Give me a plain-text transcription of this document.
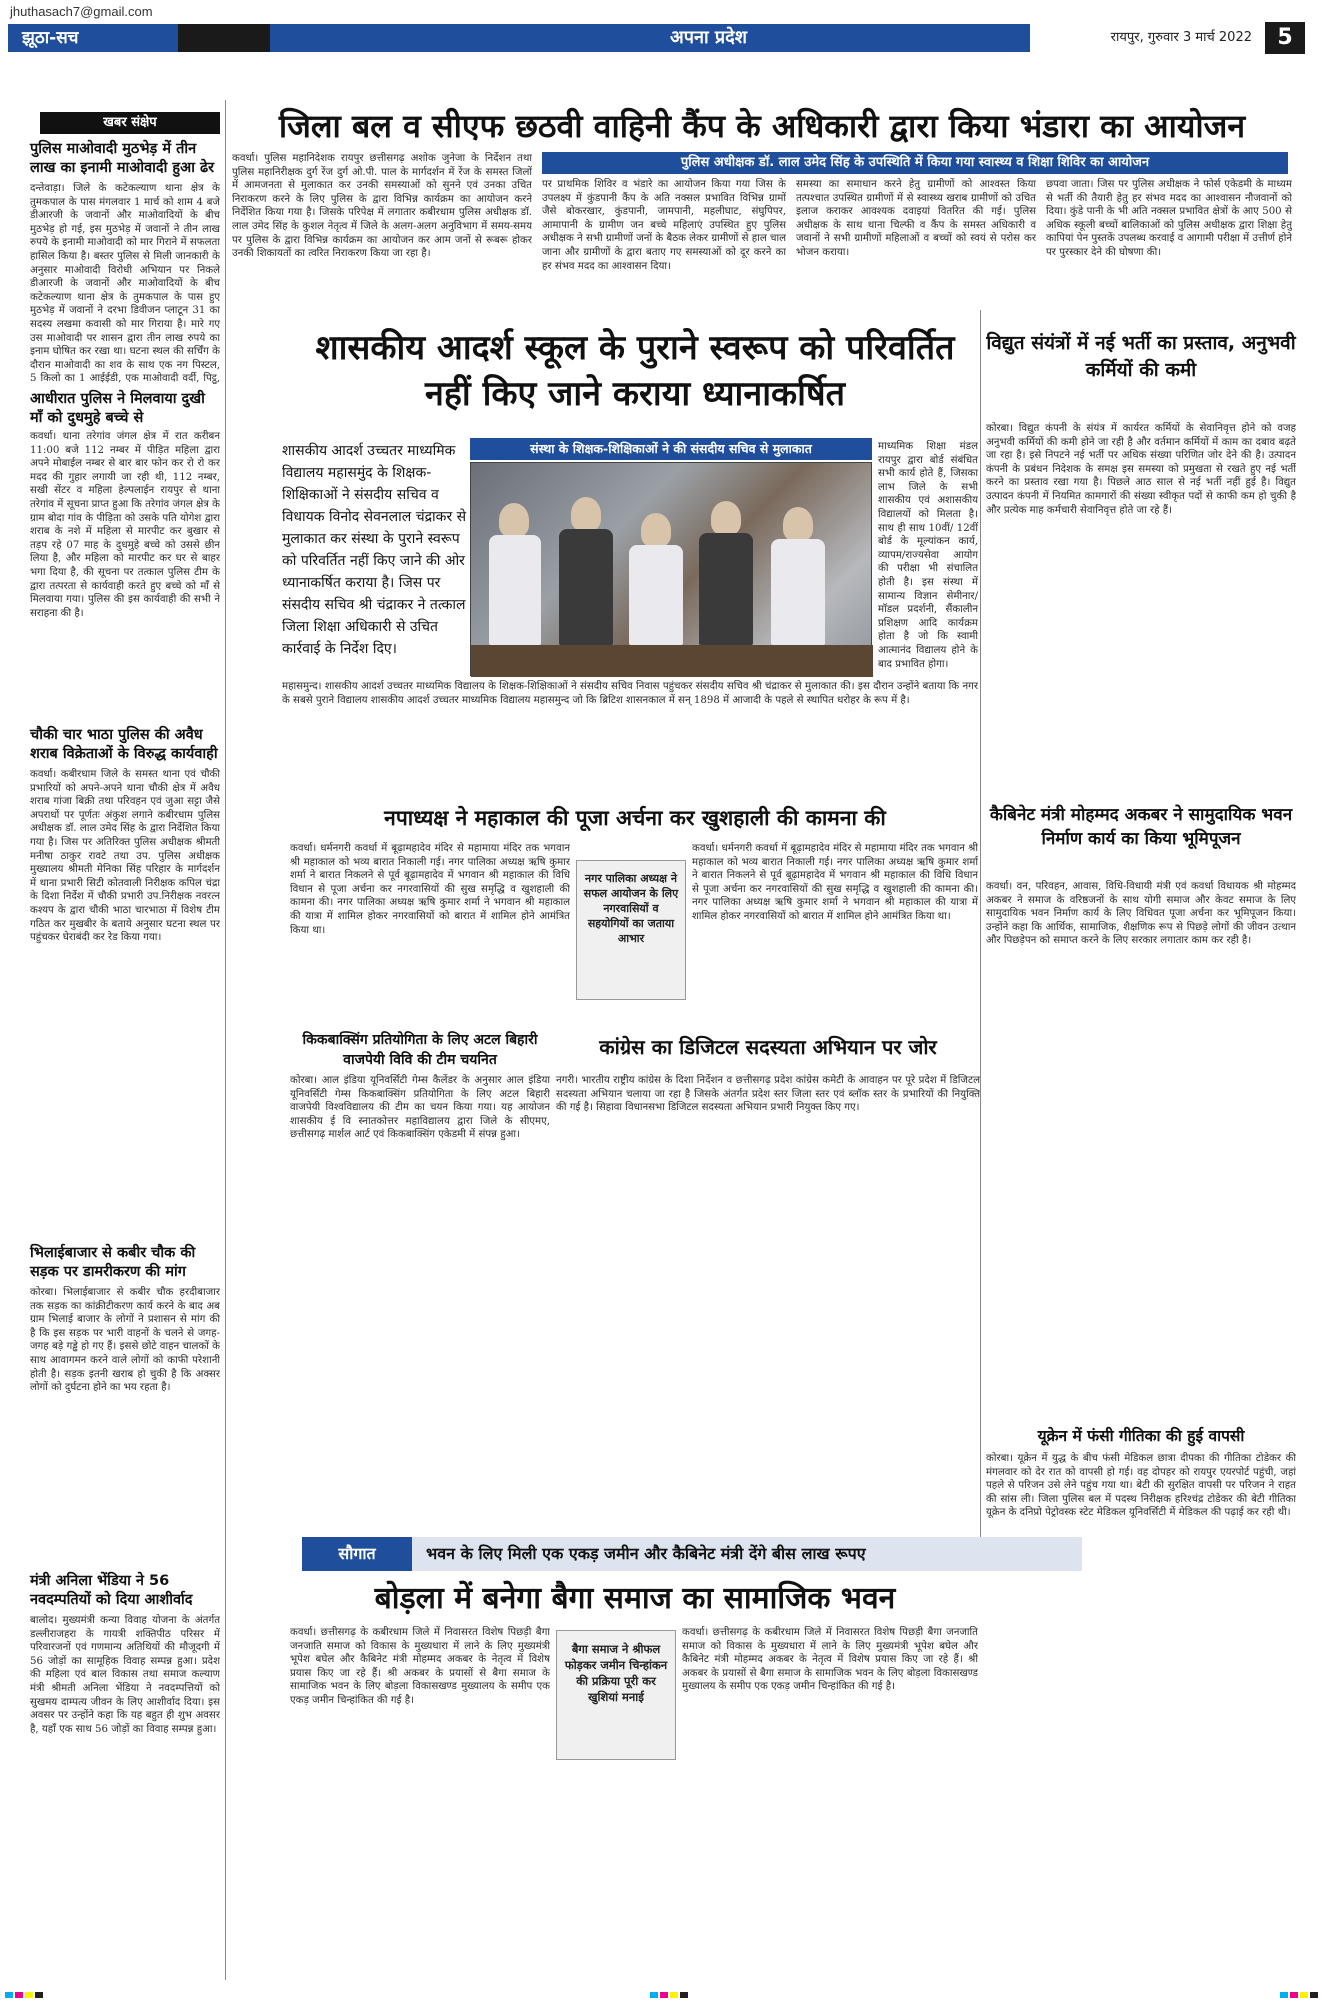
jhuthasach7@gmail.com
झूठा-सच	अपना प्रदेश	रायपुर, गुरुवार 3 मार्च 2022	5
खबर संक्षेप
पुलिस माओवादी मुठभेड़ में तीन लाख का इनामी माओवादी हुआ ढेर
दन्तेवाड़ा। जिले के कटेकल्याण थाना क्षेत्र के तुमकपाल के पास मंगलवार 1 मार्च को शाम 4 बजे डीआरजी के जवानों और माओवादियों के बीच मुठभेड़ हो गई, इस मुठभेड़ में जवानों ने तीन लाख रुपये के इनामी माओवादी को मार गिराने में सफलता हासिल किया है। बस्तर पुलिस से मिली जानकारी के अनुसार माओवादी विरोधी अभियान पर निकले डीआरजी के जवानों और माओवादियों के बीच कटेकल्याण थाना क्षेत्र के तुमकपाल के पास हुए मुठभेड़ में जवानों ने दरभा डिवीजन प्लाटून 31 का सदस्य लखमा कवासी को मार गिराया है। मारे गए उस माओवादी पर शासन द्वारा तीन लाख रुपये का इनाम घोषित कर रखा था। घटना स्थल की सर्चिंग के दौरान माओवादी का शव के साथ एक नग पिस्टल, 5 किलो का 1 आईईडी, एक माओवादी वर्दी, पिट्ठू,
आधीरात पुलिस ने मिलवाया दुखी माँ को दुधमुहे बच्चे से
कवर्धा। थाना तरेगांव जंगल क्षेत्र में रात करीबन 11:00 बजे 112 नम्बर में पीड़ित महिला द्वारा अपने मोबाईल नम्बर से बार बार फोन कर रो रो कर मदद की गुहार लगायी जा रही थी, 112 नम्बर, सखी सेंटर व महिला हेल्पलाईन रायपुर से थाना तरेगांव में सूचना प्राप्त हुआ कि तरेगांव जंगल क्षेत्र के ग्राम बोदा गांव के पीड़िता को उसके पति योगेश द्वारा शराब के नशे में महिला से मारपीट कर बुखार से तड़प रहे 07 माह के दुधमुहे बच्चे को उससे छीन लिया है, और महिला को मारपीट कर घर से बाहर भगा दिया है, की सूचना पर तत्काल पुलिस टीम के द्वारा तत्परता से कार्यवाही करते हुए बच्चे को माँ से मिलवाया गया। पुलिस की इस कार्यवाही की सभी ने सराहना की है।
चौकी चार भाठा पुलिस की अवैध शराब विक्रेताओं के विरुद्ध कार्यवाही
कवर्धा। कबीरधाम जिले के समस्त थाना एवं चौकी प्रभारियों को अपने-अपने थाना चौकी क्षेत्र में अवैध शराब गांजा बिक्री तथा परिवहन एवं जुआ सट्टा जैसे अपराधों पर पूर्णतः अंकुश लगाने कबीरधाम पुलिस अधीक्षक डॉ. लाल उमेद सिंह के द्वारा निर्देशित किया गया है। जिस पर अतिरिक्त पुलिस अधीक्षक श्रीमती मनीषा ठाकुर रावटे तथा उप. पुलिस अधीक्षक मुख्यालय श्रीमती मेनिका सिंह परिहार के मार्गदर्शन में थाना प्रभारी सिटी कोतवाली निरीक्षक कपिल चंद्रा के दिशा निर्देश में चौकी प्रभारी उप.निरीक्षक नवरत्न कश्यप के द्वारा चौकी भाठा चारभाठा में विशेष टीम गठित कर मुखबीर के बताये अनुसार घटना स्थल पर पहुंचकर घेराबंदी कर रेड किया गया।
भिलाईबाजार से कबीर चौक की सड़क पर डामरीकरण की मांग
कोरबा। भिलाईबाजार से कबीर चौक हरदीबाजार तक सड़क का कांक्रीटीकरण कार्य करने के बाद अब ग्राम भिलाई बाजार के लोगों ने प्रशासन से मांग की है कि इस सड़क पर भारी वाहनों के चलने से जगह-जगह बड़े गड्ढे हो गए हैं। इससे छोटे वाहन चालकों के साथ आवागमन करने वाले लोगों को काफी परेशानी होती है। सड़क इतनी खराब हो चुकी है कि अक्सर लोगों को दुर्घटना होने का भय रहता है।
मंत्री अनिला भेंडिया ने 56 नवदम्पतियों को दिया आशीर्वाद
बालोद। मुख्यमंत्री कन्या विवाह योजना के अंतर्गत डल्लीराजहरा के गायत्री शक्तिपीठ परिसर में परिवारजनों एवं गणमान्य अतिथियों की मौजूदगी में 56 जोड़ों का सामूहिक विवाह सम्पन्न हुआ। प्रदेश की महिला एवं बाल विकास तथा समाज कल्याण मंत्री श्रीमती अनिला भेंडिया ने नवदम्पत्तियों को सुखमय दाम्पत्य जीवन के लिए आशीर्वाद दिया। इस अवसर पर उन्होंने कहा कि यह बहुत ही शुभ अवसर है, यहाँ एक साथ 56 जोड़ों का विवाह सम्पन्न हुआ।
जिला बल व सीएफ छठवी वाहिनी कैंप के अधिकारी द्वारा किया भंडारा का आयोजन
पुलिस अधीक्षक डॉ. लाल उमेद सिंह के उपस्थिति में किया गया स्वास्थ्य व शिक्षा शिविर का आयोजन
कवर्धा। पुलिस महानिदेशक रायपुर छत्तीसगढ़ अशोक जुनेजा के निर्देशन तथा पुलिस महानिरीक्षक दुर्ग रेंज दुर्ग ओ.पी. पाल के मार्गदर्शन में रेंज के समस्त जिलों में आमजनता से मुलाकात कर उनकी समस्याओं को सुनने एवं उनका उचित निराकरण करने के लिए पुलिस के द्वारा विभिन्न कार्यक्रम का आयोजन करने निर्देशित किया गया है। जिसके परिपेक्ष में लगातार कबीरधाम पुलिस अधीक्षक डॉ. लाल उमेद सिंह के कुशल नेतृत्व में जिले के अलग-अलग अनुविभाग में समय-समय पर पुलिस के द्वारा विभिन्न कार्यक्रम का आयोजन कर आम जनों से रूबरू होकर उनकी शिकायतों का त्वरित निराकरण किया जा रहा है।
पर प्राथमिक शिविर व भंडारे का आयोजन किया गया जिस के उपलक्ष्य में कुंडपानी कैंप के अति नक्सल प्रभावित विभिन्न ग्रामों जैसे बोकरखार, कुंडपानी, जामपानी, महलीघाट, संघुपिपर, आमापानी के ग्रामीण जन बच्चे महिलाएं उपस्थित हुए पुलिस अधीक्षक ने सभी ग्रामीणों जनों के बैठक लेकर ग्रामीणों से हाल चाल जाना और ग्रामीणों के द्वारा बताए गए समस्याओं को दूर करने का हर संभव मदद का आश्वासन दिया।
समस्या का समाधान करने हेतु ग्रामीणों को आश्वस्त किया तत्पश्चात उपस्थित ग्रामीणों में से स्वास्थ्य खराब ग्रामीणों को उचित इलाज कराकर आवश्यक दवाइयां वितरित की गई। पुलिस अधीक्षक के साथ थाना चिल्फी व कैंप के समस्त अधिकारी व जवानों ने सभी ग्रामीणों महिलाओं व बच्चों को स्वयं से परोस कर भोजन कराया।
छपवा जाता। जिस पर पुलिस अधीक्षक ने फोर्स एकेडमी के माध्यम से भर्ती की तैयारी हेतु हर संभव मदद का आश्वासन नौजवानों को दिया। कुंडे पानी के भी अति नक्सल प्रभावित क्षेत्रों के आए 500 से अधिक स्कूली बच्चों बालिकाओं को पुलिस अधीक्षक द्वारा शिक्षा हेतु कापियां पेन पुस्तकें उपलब्ध करवाई व आगामी परीक्षा में उत्तीर्ण होने पर पुरस्कार देने की घोषणा की।
शासकीय आदर्श स्कूल के पुराने स्वरूप को परिवर्तित नहीं किए जाने कराया ध्यानाकर्षित
शासकीय आदर्श उच्चतर माध्यमिक विद्यालय महासमुंद के शिक्षक-शिक्षिकाओं ने संसदीय सचिव व विधायक विनोद सेवनलाल चंद्राकर से मुलाकात कर संस्था के पुराने स्वरूप को परिवर्तित नहीं किए जाने की ओर ध्यानाकर्षित कराया है। जिस पर संसदीय सचिव श्री चंद्राकर ने तत्काल जिला शिक्षा अधिकारी से उचित कार्रवाई के निर्देश दिए।
संस्था के शिक्षक-शिक्षिकाओं ने की संसदीय सचिव से मुलाकात	माध्यमिक शिक्षा मंडल रायपुर द्वारा बोर्ड संबंधित सभी कार्य होते हैं, जिसका लाभ जिले के सभी शासकीय एवं अशासकीय विद्यालयों को मिलता है। साथ ही साथ 10वीं/ 12वीं बोर्ड के मूल्यांकन कार्य, व्यापम/राज्यसेवा आयोग की परीक्षा भी संचालित होती है। इस संस्था में सामान्य विज्ञान सेमीनार/मॉडल प्रदर्शनी, सैंकालीन प्रशिक्षण आदि कार्यक्रम होता है जो कि स्वामी आत्मानंद विद्यालय होने के बाद प्रभावित होगा।
महासमुन्द। शासकीय आदर्श उच्चतर माध्यमिक विद्यालय के शिक्षक-शिक्षिकाओं ने संसदीय सचिव निवास पहुंचकर संसदीय सचिव श्री चंद्राकर से मुलाकात की। इस दौरान उन्होंने बताया कि नगर के सबसे पुराने विद्यालय शासकीय आदर्श उच्चतर माध्यमिक विद्यालय महासमुन्द जो कि ब्रिटिश शासनकाल में सन् 1898 में आजादी के पहले से स्थापित धरोहर के रूप में है।
विद्युत संयंत्रों में नई भर्ती का प्रस्ताव, अनुभवी कर्मियों की कमी
कोरबा। विद्युत कंपनी के संयंत्र में कार्यरत कर्मियों के सेवानिवृत्त होने को वजह अनुभवी कर्मियों की कमी होने जा रही है और वर्तमान कर्मियों में काम का दबाव बढ़ते जा रहा है। इसे निपटने नई भर्ती पर अधिक संख्या परिणित जोर देने की है। उत्पादन कंपनी के प्रबंधन निदेशक के समक्ष इस समस्या को प्रमुखता से रखते हुए नई भर्ती करने का प्रस्ताव रखा गया है। पिछले आठ साल से नई भर्ती नहीं हुई है। विद्युत उत्पादन कंपनी में नियमित कामगारों की संख्या स्वीकृत पदों से काफी कम हो चुकी है और प्रत्येक माह कर्मचारी सेवानिवृत्त होते जा रहे हैं।
नपाध्यक्ष ने महाकाल की पूजा अर्चना कर खुशहाली की कामना की
कवर्धा। धर्मनगरी कवर्धा में बूढ़ामहादेव मंदिर से महामाया मंदिर तक भगवान श्री महाकाल को भव्य बारात निकाली गई। नगर पालिका अध्यक्ष ऋषि कुमार शर्मा ने बारात निकलने से पूर्व बूढ़ामहादेव में भगवान श्री महाकाल की विधि विधान से पूजा अर्चना कर नगरवासियों की सुख समृद्धि व खुशहाली की कामना की। नगर पालिका अध्यक्ष ऋषि कुमार शर्मा ने भगवान श्री महाकाल की यात्रा में शामिल होकर नगरवासियों को बारात में शामिल होने आमंत्रित किया था।
नगर पालिका अध्यक्ष ने सफल आयोजन के लिए नगरवासियों व सहयोगियों का जताया आभार
कवर्धा। धर्मनगरी कवर्धा में बूढ़ामहादेव मंदिर से महामाया मंदिर तक भगवान श्री महाकाल को भव्य बारात निकाली गई। नगर पालिका अध्यक्ष ऋषि कुमार शर्मा ने बारात निकलने से पूर्व बूढ़ामहादेव में भगवान श्री महाकाल की विधि विधान से पूजा अर्चना कर नगरवासियों की सुख समृद्धि व खुशहाली की कामना की। नगर पालिका अध्यक्ष ऋषि कुमार शर्मा ने भगवान श्री महाकाल की यात्रा में शामिल होकर नगरवासियों को बारात में शामिल होने आमंत्रित किया था।
कैबिनेट मंत्री मोहम्मद अकबर ने सामुदायिक भवन निर्माण कार्य का किया भूमिपूजन
कवर्धा। वन, परिवहन, आवास, विधि-विधायी मंत्री एवं कवर्धा विधायक श्री मोहम्मद अकबर ने समाज के वरिष्ठजनों के साथ योगी समाज और केवट समाज के लिए सामुदायिक भवन निर्माण कार्य के लिए विधिवत पूजा अर्चना कर भूमिपूजन किया। उन्होंने कहा कि आर्थिक, सामाजिक, शैक्षणिक रूप से पिछड़े लोगों की जीवन उत्थान और पिछड़ेपन को समाप्त करने के लिए सरकार लगातार काम कर रही है।
किकबाक्सिंग प्रतियोगिता के लिए अटल बिहारी वाजपेयी विवि की टीम चयनित
कोरबा। आल इंडिया यूनिवर्सिटी गेम्स कैलेंडर के अनुसार आल इंडिया यूनिवर्सिटी गेम्स किकबाक्सिंग प्रतियोगिता के लिए अटल बिहारी वाजपेयी विश्वविद्यालय की टीम का चयन किया गया। यह आयोजन शासकीय ई वि स्नातकोत्तर महाविद्यालय द्वारा जिले के सीएमए, छत्तीसगढ़ मार्शल आर्ट एवं किकबाक्सिंग एकेडमी में संपन्न हुआ।
कांग्रेस का डिजिटल सदस्यता अभियान पर जोर
नगरी। भारतीय राष्ट्रीय कांग्रेस के दिशा निर्देशन व छत्तीसगढ़ प्रदेश कांग्रेस कमेटी के आवाहन पर पूरे प्रदेश में डिजिटल सदस्यता अभियान चलाया जा रहा है जिसके अंतर्गत प्रदेश स्तर जिला स्तर एवं ब्लॉक स्तर के प्रभारियों की नियुक्ति की गई है। सिहावा विधानसभा डिजिटल सदस्यता अभियान प्रभारी नियुक्त किए गए।
यूक्रेन में फंसी गीतिका की हुई वापसी
कोरबा। यूक्रेन में युद्ध के बीच फंसी मेडिकल छात्रा दीपका की गीतिका टोडेकर की मंगलवार को देर रात को वापसी हो गई। वह दोपहर को रायपुर एयरपोर्ट पहुंची, जहां पहले से परिजन उसे लेने पहुंच गया था। बेटी की सुरक्षित वापसी पर परिजन ने राहत की सांस ली। जिला पुलिस बल में पदस्थ निरीक्षक हरिश्चंद्र टोडेकर की बेटी गीतिका यूक्रेन के दनिप्रो पेट्रोवस्क स्टेट मेडिकल यूनिवर्सिटी में मेडिकल की पढ़ाई कर रही थी।
सौगात	भवन के लिए मिली एक एकड़ जमीन और कैबिनेट मंत्री देंगे बीस लाख रूपए
बोड़ला में बनेगा बैगा समाज का सामाजिक भवन
कवर्धा। छत्तीसगढ़ के कबीरधाम जिले में निवासरत विशेष पिछड़ी बैगा जनजाति समाज को विकास के मुख्यधारा में लाने के लिए मुख्यमंत्री भूपेश बघेल और कैबिनेट मंत्री मोहम्मद अकबर के नेतृत्व में विशेष प्रयास किए जा रहे हैं। श्री अकबर के प्रयासों से बैगा समाज के सामाजिक भवन के लिए बोड़ला विकासखण्ड मुख्यालय के समीप एक एकड़ जमीन चिन्हांकित की गई है।
बैगा समाज ने श्रीफल फोड़कर जमीन चिन्हांकन की प्रक्रिया पूरी कर खुशियां मनाई
कवर्धा। छत्तीसगढ़ के कबीरधाम जिले में निवासरत विशेष पिछड़ी बैगा जनजाति समाज को विकास के मुख्यधारा में लाने के लिए मुख्यमंत्री भूपेश बघेल और कैबिनेट मंत्री मोहम्मद अकबर के नेतृत्व में विशेष प्रयास किए जा रहे हैं। श्री अकबर के प्रयासों से बैगा समाज के सामाजिक भवन के लिए बोड़ला विकासखण्ड मुख्यालय के समीप एक एकड़ जमीन चिन्हांकित की गई है।
